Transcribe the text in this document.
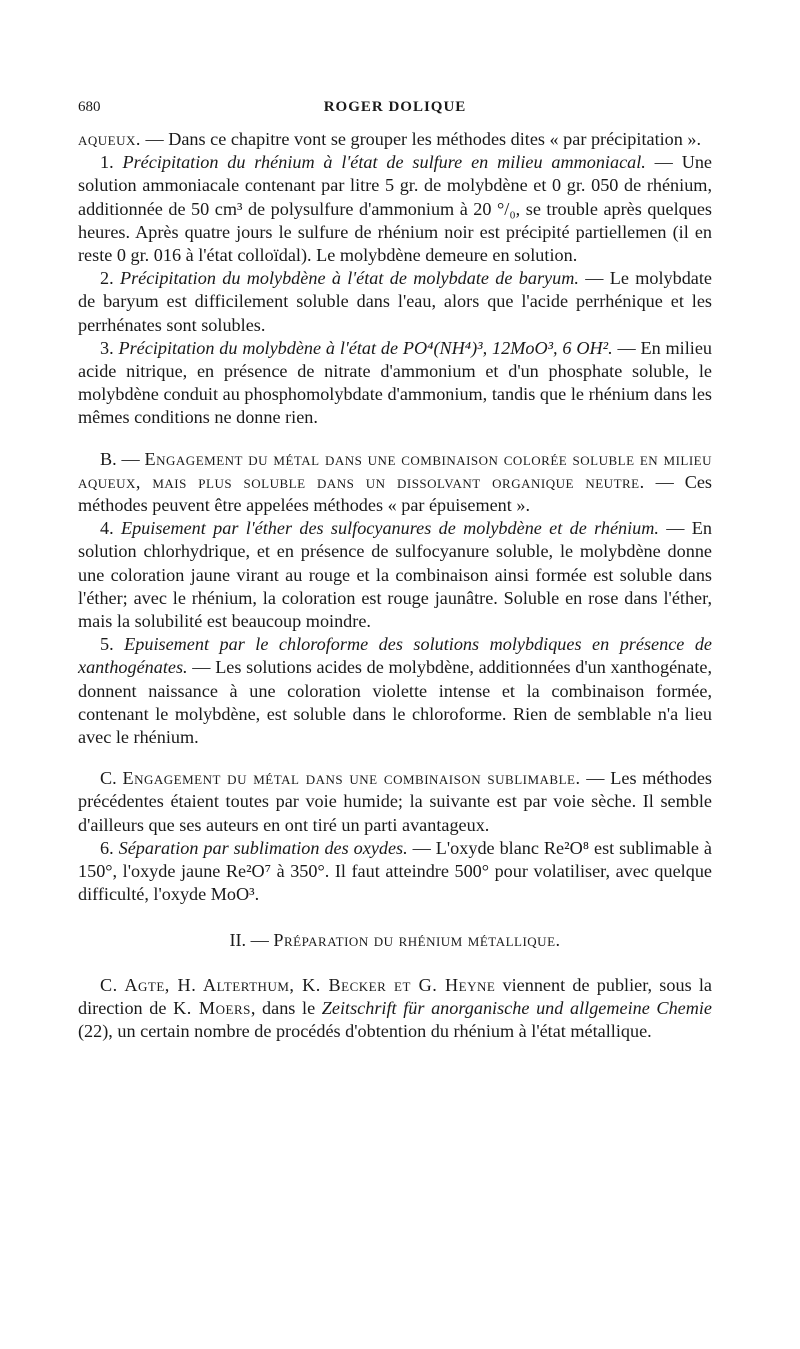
680	ROGER DOLIQUE

aqueux. — Dans ce chapitre vont se grouper les méthodes dites « par précipitation ».

1. Précipitation du rhénium à l'état de sulfure en milieu ammoniacal. — Une solution ammoniacale contenant par litre 5 gr. de molybdène et 0 gr. 050 de rhénium, additionnée de 50 cm³ de polysulfure d'ammonium à 20 °/₀, se trouble après quelques heures. Après quatre jours le sulfure de rhénium noir est précipité partiellemen (il en reste 0 gr. 016 à l'état colloïdal). Le molybdène demeure en solution.

2. Précipitation du molybdène à l'état de molybdate de baryum. — Le molybdate de baryum est difficilement soluble dans l'eau, alors que l'acide perrhénique et les perrhénates sont solubles.

3. Précipitation du molybdène à l'état de PO⁴(NH⁴)³, 12MoO³, 6 OH². — En milieu acide nitrique, en présence de nitrate d'ammonium et d'un phosphate soluble, le molybdène conduit au phosphomolybdate d'ammonium, tandis que le rhénium dans les mêmes conditions ne donne rien.

B. — Engagement du métal dans une combinaison colorée soluble en milieu aqueux, mais plus soluble dans un dissolvant organique neutre. — Ces méthodes peuvent être appelées méthodes « par épuisement ».

4. Epuisement par l'éther des sulfocyanures de molybdène et de rhénium. — En solution chlorhydrique, et en présence de sulfocyanure soluble, le molybdène donne une coloration jaune virant au rouge et la combinaison ainsi formée est soluble dans l'éther; avec le rhénium, la coloration est rouge jaunâtre. Soluble en rose dans l'éther, mais la solubilité est beaucoup moindre.

5. Epuisement par le chloroforme des solutions molybdiques en présence de xanthogénates. — Les solutions acides de molybdène, additionnées d'un xanthogénate, donnent naissance à une coloration violette intense et la combinaison formée, contenant le molybdène, est soluble dans le chloroforme. Rien de semblable n'a lieu avec le rhénium.

C. Engagement du métal dans une combinaison sublimable. — Les méthodes précédentes étaient toutes par voie humide; la suivante est par voie sèche. Il semble d'ailleurs que ses auteurs en ont tiré un parti avantageux.

6. Séparation par sublimation des oxydes. — L'oxyde blanc Re²O⁸ est sublimable à 150°, l'oxyde jaune Re²O⁷ à 350°. Il faut atteindre 500° pour volatiliser, avec quelque difficulté, l'oxyde MoO³.

II. — Préparation du rhénium métallique.

C. Agte, H. Alterthum, K. Becker et G. Heyne viennent de publier, sous la direction de K. Moers, dans le Zeitschrift für anorganische und allgemeine Chemie (22), un certain nombre de procédés d'obtention du rhénium à l'état métallique.
